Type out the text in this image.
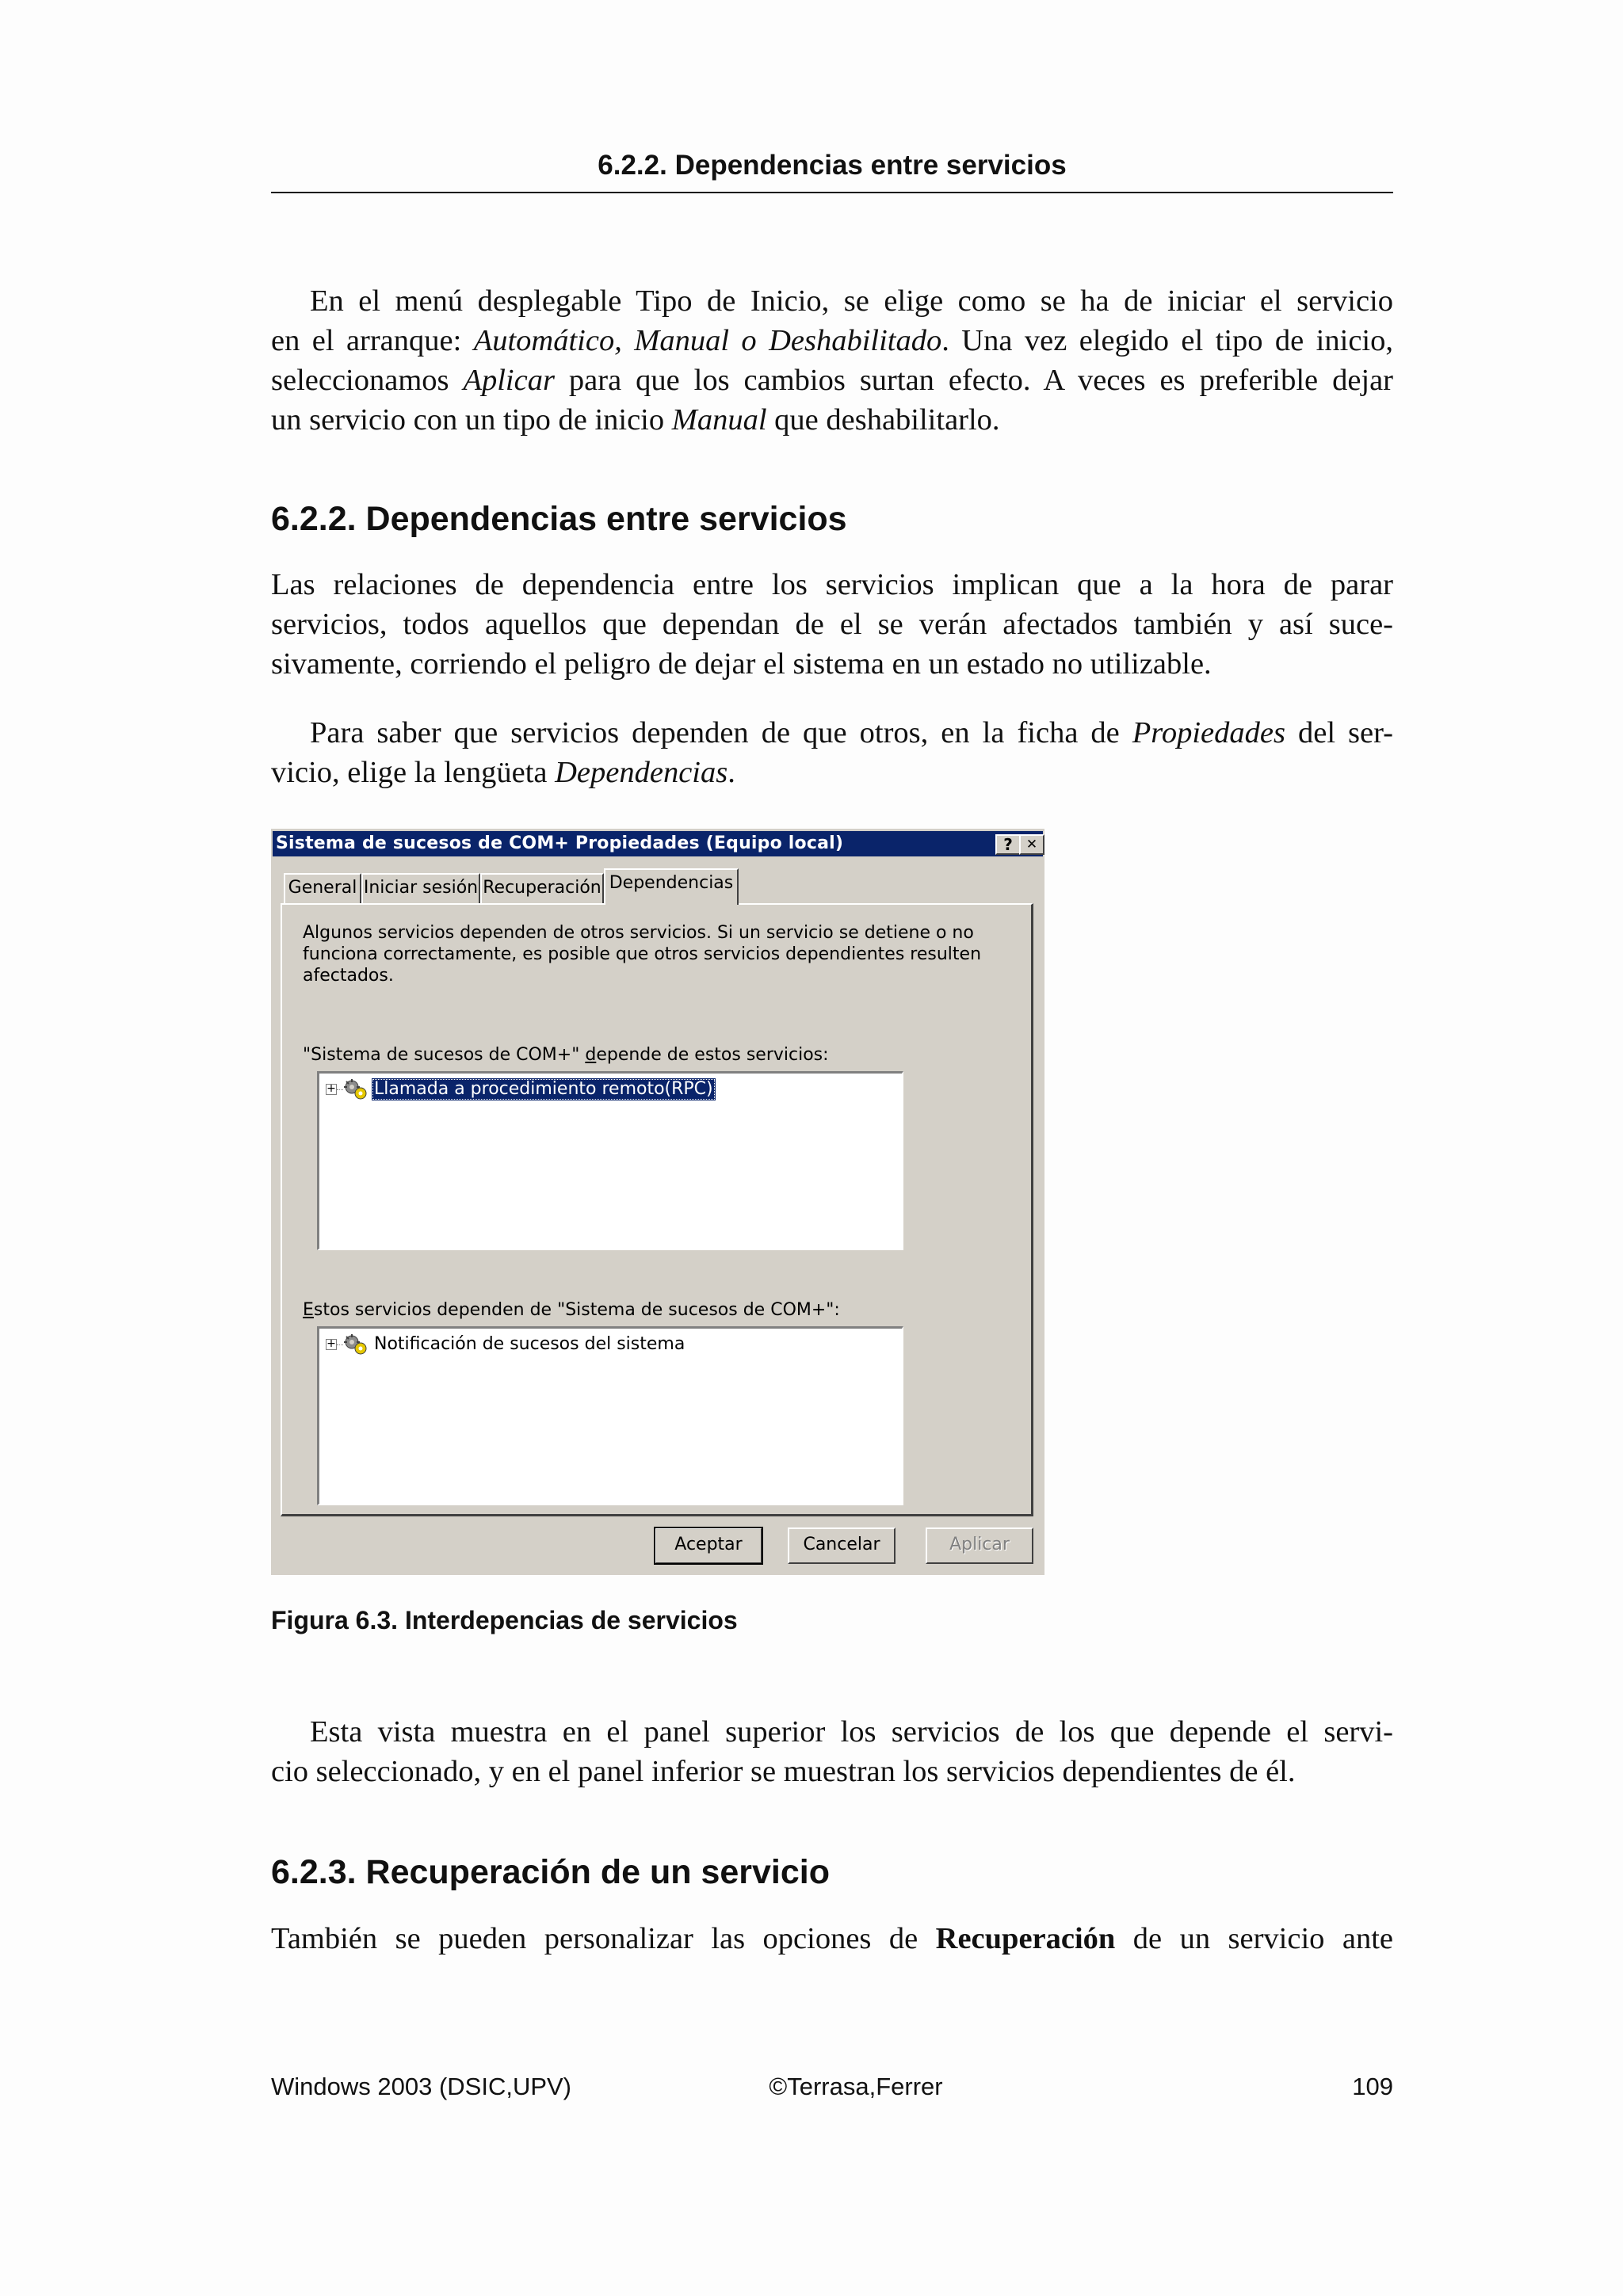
6.2.2. Dependencias entre servicios

En el menú desplegable Tipo de Inicio, se elige como se ha de iniciar el servicio
en el arranque: Automático, Manual o Deshabilitado. Una vez elegido el tipo de inicio,
seleccionamos Aplicar para que los cambios surtan efecto. A veces es preferible dejar
un servicio con un tipo de inicio Manual que deshabilitarlo.

6.2.2. Dependencias entre servicios

Las relaciones de dependencia entre los servicios implican que a la hora de parar
servicios, todos aquellos que dependan de el se verán afectados también y así suce-
sivamente, corriendo el peligro de dejar el sistema en un estado no utilizable.

Para saber que servicios dependen de que otros, en la ficha de Propiedades del ser-
vicio, elige la lengüeta Dependencias.

Sistema de sucesos de COM+ Propiedades (Equipo local)	?	✕
General Iniciar sesión Recuperación Dependencias

Algunos servicios dependen de otros servicios. Si un servicio se detiene o no
funciona correctamente, es posible que otros servicios dependientes resulten
afectados.

"Sistema de sucesos de COM+" depende de estos servicios:

+ Llamada a procedimiento remoto(RPC)

Estos servicios dependen de "Sistema de sucesos de COM+":

+ Notificación de sucesos del sistema
Aceptar	Cancelar	Aplicar

Figura 6.3. Interdepencias de servicios

Esta vista muestra en el panel superior los servicios de los que depende el servi-
cio seleccionado, y en el panel inferior se muestran los servicios dependientes de él.

6.2.3. Recuperación de un servicio

También se pueden personalizar las opciones de Recuperación de un servicio ante

Windows 2003 (DSIC,UPV)	©Terrasa,Ferrer	109
